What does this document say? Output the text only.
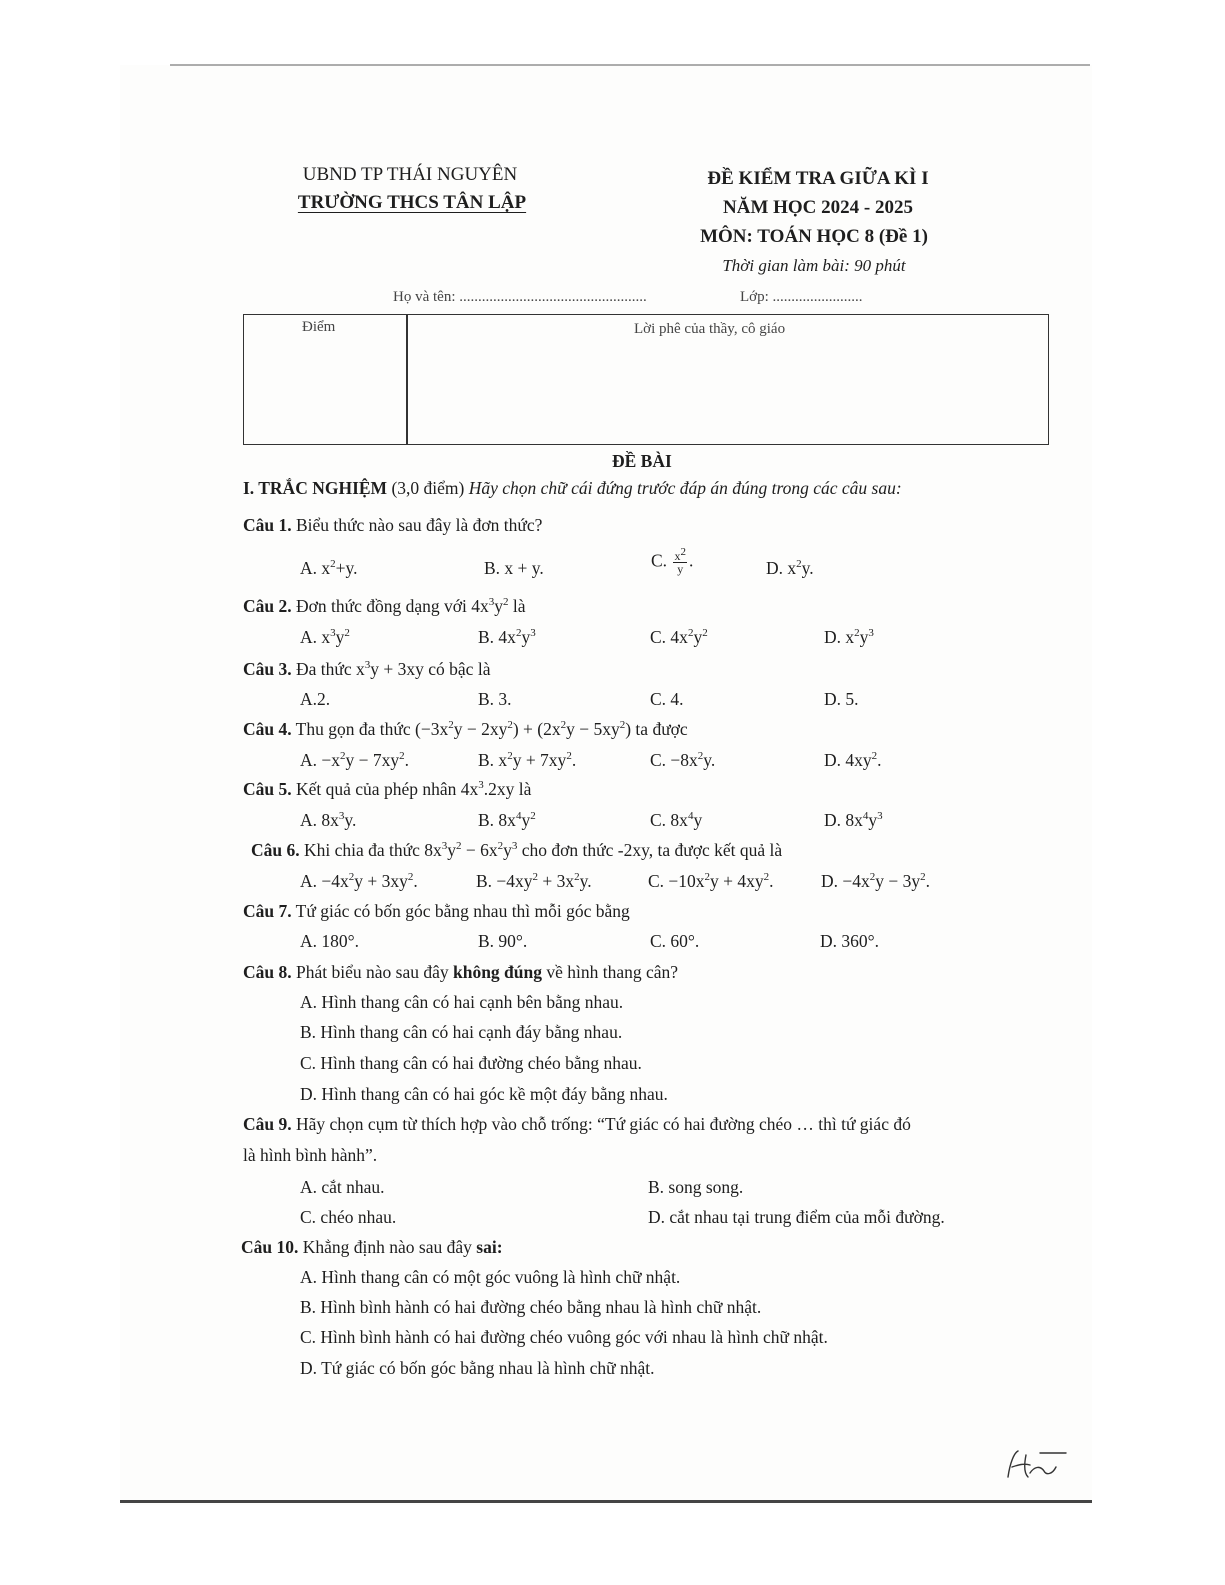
UBND TP THÁI NGUYÊN
TRƯỜNG THCS TÂN LẬP
ĐỀ KIỂM TRA GIỮA KÌ I
NĂM HỌC 2024 - 2025
MÔN: TOÁN HỌC 8 (Đề 1)
Thời gian làm bài: 90 phút
Họ và tên: ..................................................	Lớp: ........................
Điểm	Lời phê của thầy, cô giáo
ĐỀ BÀI
I. TRẮC NGHIỆM (3,0 điểm) Hãy chọn chữ cái đứng trước đáp án đúng trong các câu sau:
Câu 1. Biểu thức nào sau đây là đơn thức?
A. $x^2+y$.	B. x + y.	C. $\frac{x^2}{y}$ .	D. $x^2y$.
Câu 2. Đơn thức đồng dạng với $4x^3y^2$ là
A. $x^3y^2$	B. $4x^2y^3$	C. $4x^2y^2$	D. $x^2y^3$
Câu 3. Đa thức $x^3y + 3xy$ có bậc là
A.2.	B. 3.	C. 4.	D. 5.
Câu 4. Thu gọn đa thức $(-3x^2y - 2xy^2) + (2x^2y - 5xy^2)$ ta được
A. $-x^2y - 7xy^2$.	B. $x^2y + 7xy^2$.	C. $-8x^2y$.	D. $4xy^2$.
Câu 5. Kết quả của phép nhân $4x^3.2xy$ là
A. $8x^3y$.	B. $8x^4y^2$	C. $8x^4y$	D. $8x^4y^3$
Câu 6. Khi chia đa thức $8x^3y^2 - 6x^2y^3$ cho đơn thức -2xy, ta được kết quả là
A. $-4x^2y + 3xy^2$.	B. $-4xy^2 + 3x^2y$.	C. $-10x^2y + 4xy^2$.	D. $-4x^2y - 3y^2$.
Câu 7. Tứ giác có bốn góc bằng nhau thì mỗi góc bằng
A. 180°.	B. 90°.	C. 60°.	D. 360°.
Câu 8. Phát biểu nào sau đây không đúng về hình thang cân?
A. Hình thang cân có hai cạnh bên bằng nhau.
B. Hình thang cân có hai cạnh đáy bằng nhau.
C. Hình thang cân có hai đường chéo bằng nhau.
D. Hình thang cân có hai góc kề một đáy bằng nhau.
Câu 9. Hãy chọn cụm từ thích hợp vào chỗ trống: “Tứ giác có hai đường chéo … thì tứ giác đó
là hình bình hành”.
A. cắt nhau.	B. song song.
C. chéo nhau.	D. cắt nhau tại trung điểm của mỗi đường.
Câu 10. Khẳng định nào sau đây sai:
A. Hình thang cân có một góc vuông là hình chữ nhật.
B. Hình bình hành có hai đường chéo bằng nhau là hình chữ nhật.
C. Hình bình hành có hai đường chéo vuông góc với nhau là hình chữ nhật.
D. Tứ giác có bốn góc bằng nhau là hình chữ nhật.
